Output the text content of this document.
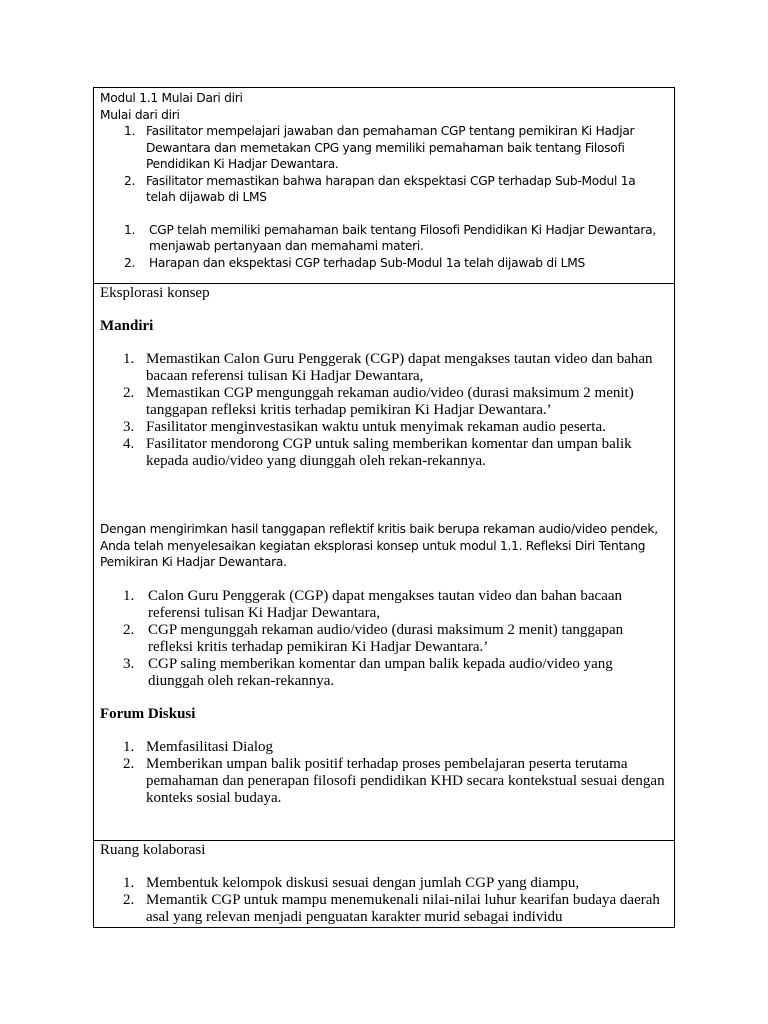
Modul 1.1 Mulai Dari diri

Mulai dari diri

1. Fasilitator mempelajari jawaban dan pemahaman CGP tentang pemikiran Ki Hadjar Dewantara dan memetakan CPG yang memiliki pemahaman baik tentang Filosofi Pendidikan Ki Hadjar Dewantara.
2. Fasilitator memastikan bahwa harapan dan ekspektasi CGP terhadap Sub-Modul 1a telah dijawab di LMS
1. CGP telah memiliki pemahaman baik tentang Filosofi Pendidikan Ki Hadjar Dewantara, menjawab pertanyaan dan memahami materi.
2. Harapan dan ekspektasi CGP terhadap Sub-Modul 1a telah dijawab di LMS

Eksplorasi konsep

Mandiri

1. Memastikan Calon Guru Penggerak (CGP) dapat mengakses tautan video dan bahan bacaan referensi tulisan Ki Hadjar Dewantara,
2. Memastikan CGP mengunggah rekaman audio/video (durasi maksimum 2 menit) tanggapan refleksi kritis terhadap pemikiran Ki Hadjar Dewantara.’
3. Fasilitator menginvestasikan waktu untuk menyimak rekaman audio peserta.
4. Fasilitator mendorong CGP untuk saling memberikan komentar dan umpan balik kepada audio/video yang diunggah oleh rekan-rekannya.

Dengan mengirimkan hasil tanggapan reflektif kritis baik berupa rekaman audio/video pendek, Anda telah menyelesaikan kegiatan eksplorasi konsep untuk modul 1.1. Refleksi Diri Tentang Pemikiran Ki Hadjar Dewantara.

1. Calon Guru Penggerak (CGP) dapat mengakses tautan video dan bahan bacaan referensi tulisan Ki Hadjar Dewantara,
2. CGP mengunggah rekaman audio/video (durasi maksimum 2 menit) tanggapan refleksi kritis terhadap pemikiran Ki Hadjar Dewantara.’
3. CGP saling memberikan komentar dan umpan balik kepada audio/video yang diunggah oleh rekan-rekannya.

Forum Diskusi

1. Memfasilitasi Dialog
2. Memberikan umpan balik positif terhadap proses pembelajaran peserta terutama pemahaman dan penerapan filosofi pendidikan KHD secara kontekstual sesuai dengan konteks sosial budaya.

Ruang kolaborasi

1. Membentuk kelompok diskusi sesuai dengan jumlah CGP yang diampu,
2. Memantik CGP untuk mampu menemukenali nilai-nilai luhur kearifan budaya daerah asal yang relevan menjadi penguatan karakter murid sebagai individu
